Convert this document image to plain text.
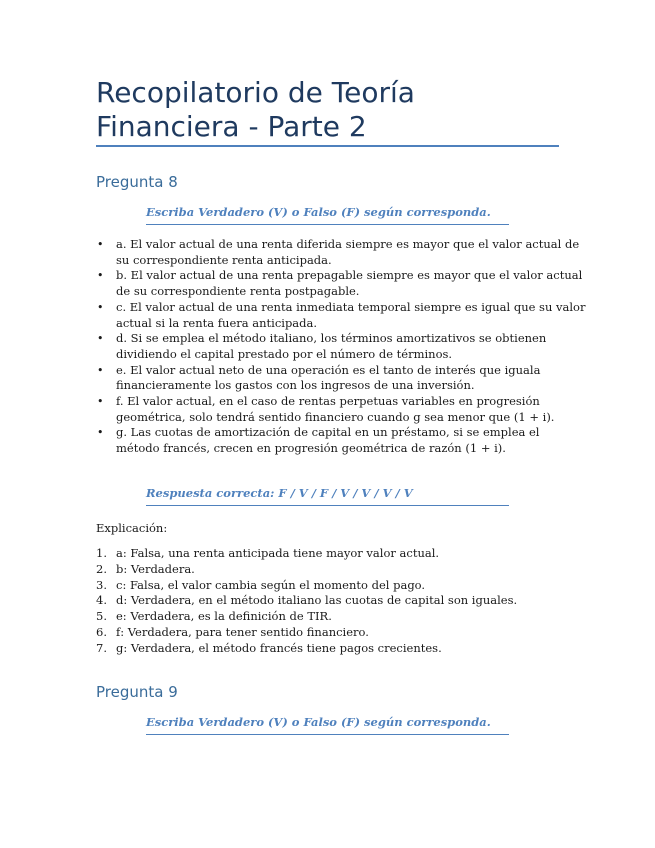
Recopilatorio de Teoría
Financiera - Parte 2
Pregunta 8
Escriba Verdadero (V) o Falso (F) según corresponda.
• a. El valor actual de una renta diferida siempre es mayor que el valor actual de su correspondiente renta anticipada.
• b. El valor actual de una renta prepagable siempre es mayor que el valor actual de su correspondiente renta postpagable.
• c. El valor actual de una renta inmediata temporal siempre es igual que su valor actual si la renta fuera anticipada.
• d. Si se emplea el método italiano, los términos amortizativos se obtienen dividiendo el capital prestado por el número de términos.
• e. El valor actual neto de una operación es el tanto de interés que iguala financieramente los gastos con los ingresos de una inversión.
• f. El valor actual, en el caso de rentas perpetuas variables en progresión geométrica, solo tendrá sentido financiero cuando g sea menor que (1 + i).
• g. Las cuotas de amortización de capital en un préstamo, si se emplea el método francés, crecen en progresión geométrica de razón (1 + i).
Respuesta correcta: F / V / F / V / V / V / V
Explicación:
1. a: Falsa, una renta anticipada tiene mayor valor actual.
2. b: Verdadera.
3. c: Falsa, el valor cambia según el momento del pago.
4. d: Verdadera, en el método italiano las cuotas de capital son iguales.
5. e: Verdadera, es la definición de TIR.
6. f: Verdadera, para tener sentido financiero.
7. g: Verdadera, el método francés tiene pagos crecientes.
Pregunta 9
Escriba Verdadero (V) o Falso (F) según corresponda.
